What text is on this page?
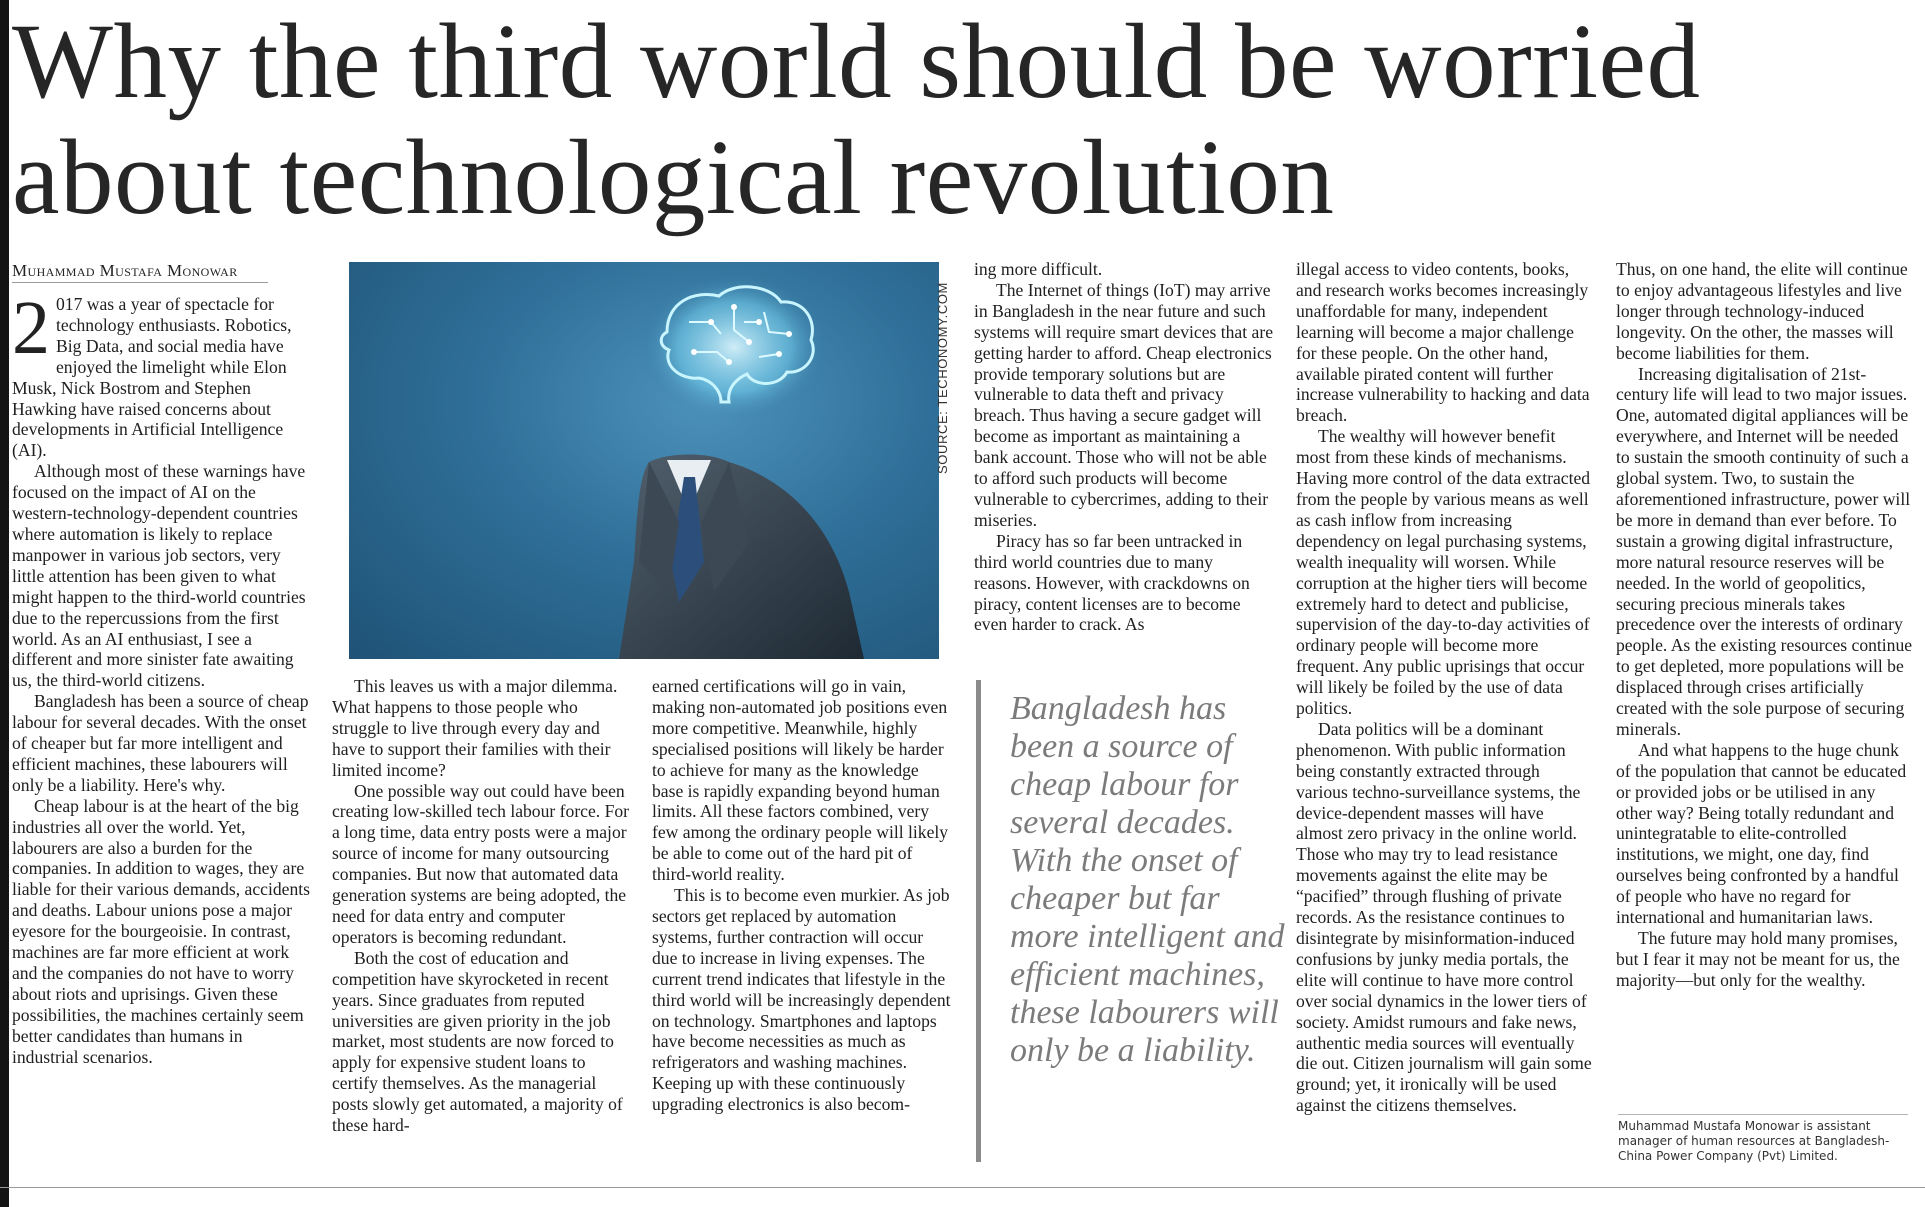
Why the third world should be worried about technological revolution
Muhammad Mustafa Monowar

2 017 was a year of spectacle for technology enthusiasts. Robotics, Big Data, and social media have enjoyed the limelight while Elon Musk, Nick Bostrom and Stephen Hawking have raised concerns about developments in Artificial Intelligence (AI).

Although most of these warnings have focused on the impact of AI on the western-technology-dependent countries where automation is likely to replace manpower in various job sectors, very little attention has been given to what might happen to the third-world countries due to the repercussions from the first world. As an AI enthusiast, I see a different and more sinister fate awaiting us, the third-world citizens.

Bangladesh has been a source of cheap labour for several decades. With the onset of cheaper but far more intelligent and efficient machines, these labourers will only be a liability. Here's why.

Cheap labour is at the heart of the big industries all over the world. Yet, labourers are also a burden for the companies. In addition to wages, they are liable for their various demands, accidents and deaths. Labour unions pose a major eyesore for the bourgeoisie. In contrast, machines are far more efficient at work and the companies do not have to worry about riots and uprisings. Given these possibilities, the machines certainly seem better candidates than humans in industrial scenarios.

SOURCE: TECHONOMY.COM

This leaves us with a major dilemma. What happens to those people who struggle to live through every day and have to support their families with their limited income?

One possible way out could have been creating low-skilled tech labour force. For a long time, data entry posts were a major source of income for many outsourcing companies. But now that automated data generation systems are being adopted, the need for data entry and computer operators is becoming redundant.

Both the cost of education and competition have skyrocketed in recent years. Since graduates from reputed universities are given priority in the job market, most students are now forced to apply for expensive student loans to certify themselves. As the managerial posts slowly get automated, a majority of these hard-

earned certifications will go in vain, making non-automated job positions even more competitive. Meanwhile, highly specialised positions will likely be harder to achieve for many as the knowledge base is rapidly expanding beyond human limits. All these factors combined, very few among the ordinary people will likely be able to come out of the hard pit of third-world reality.

This is to become even murkier. As job sectors get replaced by automation systems, further contraction will occur due to increase in living expenses. The current trend indicates that lifestyle in the third world will be increasingly dependent on technology. Smartphones and laptops have become necessities as much as refrigerators and washing machines. Keeping up with these continuously upgrading electronics is also becom-

ing more difficult.

The Internet of things (IoT) may arrive in Bangladesh in the near future and such systems will require smart devices that are getting harder to afford. Cheap electronics provide temporary solutions but are vulnerable to data theft and privacy breach. Thus having a secure gadget will become as important as maintaining a bank account. Those who will not be able to afford such products will become vulnerable to cybercrimes, adding to their miseries.

Piracy has so far been untracked in third world countries due to many reasons. However, with crackdowns on piracy, content licenses are to become even harder to crack. As

Bangladesh has been a source of cheap labour for several decades. With the onset of cheaper but far more intelligent and efficient machines, these labourers will only be a liability.

illegal access to video contents, books, and research works becomes increasingly unaffordable for many, independent learning will become a major challenge for these people. On the other hand, available pirated content will further increase vulnerability to hacking and data breach.

The wealthy will however benefit most from these kinds of mechanisms. Having more control of the data extracted from the people by various means as well as cash inflow from increasing dependency on legal purchasing systems, wealth inequality will worsen. While corruption at the higher tiers will become extremely hard to detect and publicise, supervision of the day-to-day activities of ordinary people will become more frequent. Any public uprisings that occur will likely be foiled by the use of data politics.

Data politics will be a dominant phenomenon. With public information being constantly extracted through various techno-surveillance systems, the device-dependent masses will have almost zero privacy in the online world. Those who may try to lead resistance movements against the elite may be “pacified” through flushing of private records. As the resistance continues to disintegrate by misinformation-induced confusions by junky media portals, the elite will continue to have more control over social dynamics in the lower tiers of society. Amidst rumours and fake news, authentic media sources will eventually die out. Citizen journalism will gain some ground; yet, it ironically will be used against the citizens themselves.

Thus, on one hand, the elite will continue to enjoy advantageous lifestyles and live longer through technology-induced longevity. On the other, the masses will become liabilities for them.

Increasing digitalisation of 21st-century life will lead to two major issues. One, automated digital appliances will be everywhere, and Internet will be needed to sustain the smooth continuity of such a global system. Two, to sustain the aforementioned infrastructure, power will be more in demand than ever before. To sustain a growing digital infrastructure, more natural resource reserves will be needed. In the world of geopolitics, securing precious minerals takes precedence over the interests of ordinary people. As the existing resources continue to get depleted, more populations will be displaced through crises artificially created with the sole purpose of securing minerals.

And what happens to the huge chunk of the population that cannot be educated or provided jobs or be utilised in any other way? Being totally redundant and unintegratable to elite-controlled institutions, we might, one day, find ourselves being confronted by a handful of people who have no regard for international and humanitarian laws.

The future may hold many promises, but I fear it may not be meant for us, the majority—but only for the wealthy.

Muhammad Mustafa Monowar is assistant manager of human resources at Bangladesh-China Power Company (Pvt) Limited.
